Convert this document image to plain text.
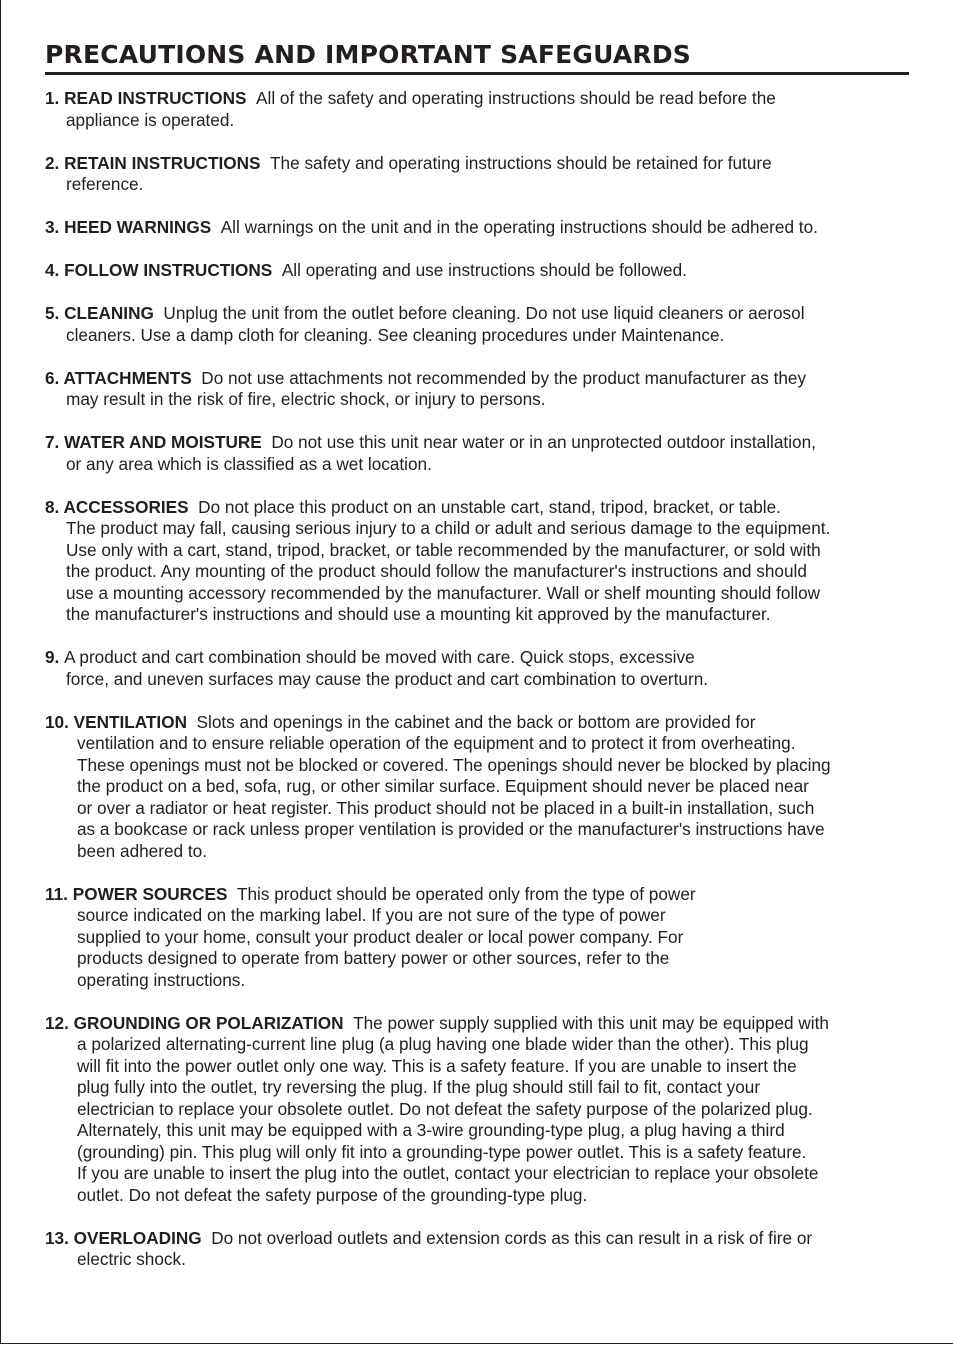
PRECAUTIONS AND IMPORTANT SAFEGUARDS
1. READ INSTRUCTIONS  All of the safety and operating instructions should be read before the
appliance is operated.
2. RETAIN INSTRUCTIONS  The safety and operating instructions should be retained for future
reference.
3. HEED WARNINGS  All warnings on the unit and in the operating instructions should be adhered to.
4. FOLLOW INSTRUCTIONS  All operating and use instructions should be followed.
5. CLEANING  Unplug the unit from the outlet before cleaning. Do not use liquid cleaners or aerosol
cleaners. Use a damp cloth for cleaning. See cleaning procedures under Maintenance.
6. ATTACHMENTS  Do not use attachments not recommended by the product manufacturer as they
may result in the risk of fire, electric shock, or injury to persons.
7. WATER AND MOISTURE  Do not use this unit near water or in an unprotected outdoor installation,
or any area which is classified as a wet location.
8. ACCESSORIES  Do not place this product on an unstable cart, stand, tripod, bracket, or table.
The product may fall, causing serious injury to a child or adult and serious damage to the equipment.
Use only with a cart, stand, tripod, bracket, or table recommended by the manufacturer, or sold with
the product. Any mounting of the product should follow the manufacturer's instructions and should
use a mounting accessory recommended by the manufacturer. Wall or shelf mounting should follow
the manufacturer's instructions and should use a mounting kit approved by the manufacturer.
9. A product and cart combination should be moved with care. Quick stops, excessive
force, and uneven surfaces may cause the product and cart combination to overturn.
10. VENTILATION  Slots and openings in the cabinet and the back or bottom are provided for
ventilation and to ensure reliable operation of the equipment and to protect it from overheating.
These openings must not be blocked or covered. The openings should never be blocked by placing
the product on a bed, sofa, rug, or other similar surface. Equipment should never be placed near
or over a radiator or heat register. This product should not be placed in a built-in installation, such
as a bookcase or rack unless proper ventilation is provided or the manufacturer's instructions have
been adhered to.
11. POWER SOURCES  This product should be operated only from the type of power
source indicated on the marking label. If you are not sure of the type of power
supplied to your home, consult your product dealer or local power company. For
products designed to operate from battery power or other sources, refer to the
operating instructions.
12. GROUNDING OR POLARIZATION  The power supply supplied with this unit may be equipped with
a polarized alternating-current line plug (a plug having one blade wider than the other). This plug
will fit into the power outlet only one way. This is a safety feature. If you are unable to insert the
plug fully into the outlet, try reversing the plug. If the plug should still fail to fit, contact your
electrician to replace your obsolete outlet. Do not defeat the safety purpose of the polarized plug.
Alternately, this unit may be equipped with a 3-wire grounding-type plug, a plug having a third
(grounding) pin. This plug will only fit into a grounding-type power outlet. This is a safety feature.
If you are unable to insert the plug into the outlet, contact your electrician to replace your obsolete
outlet. Do not defeat the safety purpose of the grounding-type plug.
13. OVERLOADING  Do not overload outlets and extension cords as this can result in a risk of fire or
electric shock.
